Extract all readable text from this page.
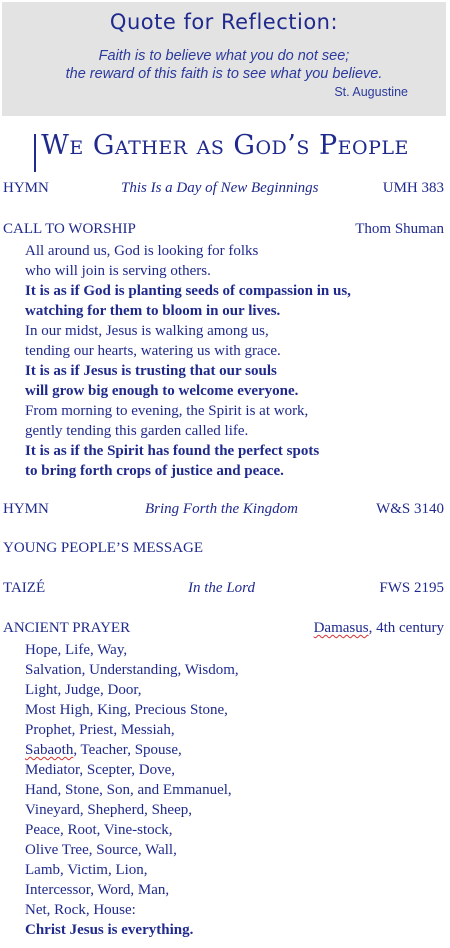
Quote for Reflection:
Faith is to believe what you do not see;
the reward of this faith is to see what you believe.
St. Augustine
We Gather as God’s People
HYMN	This Is a Day of New Beginnings	UMH 383
CALL TO WORSHIP	Thom Shuman
All around us, God is looking for folks
who will join is serving others.
It is as if God is planting seeds of compassion in us,
watching for them to bloom in our lives.
In our midst, Jesus is walking among us,
tending our hearts, watering us with grace.
It is as if Jesus is trusting that our souls
will grow big enough to welcome everyone.
From morning to evening, the Spirit is at work,
gently tending this garden called life.
It is as if the Spirit has found the perfect spots
to bring forth crops of justice and peace.
HYMN	Bring Forth the Kingdom	W&S 3140
YOUNG PEOPLE’S MESSAGE
TAIZÉ	In the Lord	FWS 2195
ANCIENT PRAYER	Damasus, 4th century
Hope, Life, Way,
Salvation, Understanding, Wisdom,
Light, Judge, Door,
Most High, King, Precious Stone,
Prophet, Priest, Messiah,
Sabaoth, Teacher, Spouse,
Mediator, Scepter, Dove,
Hand, Stone, Son, and Emmanuel,
Vineyard, Shepherd, Sheep,
Peace, Root, Vine-stock,
Olive Tree, Source, Wall,
Lamb, Victim, Lion,
Intercessor, Word, Man,
Net, Rock, House:
Christ Jesus is everything.
